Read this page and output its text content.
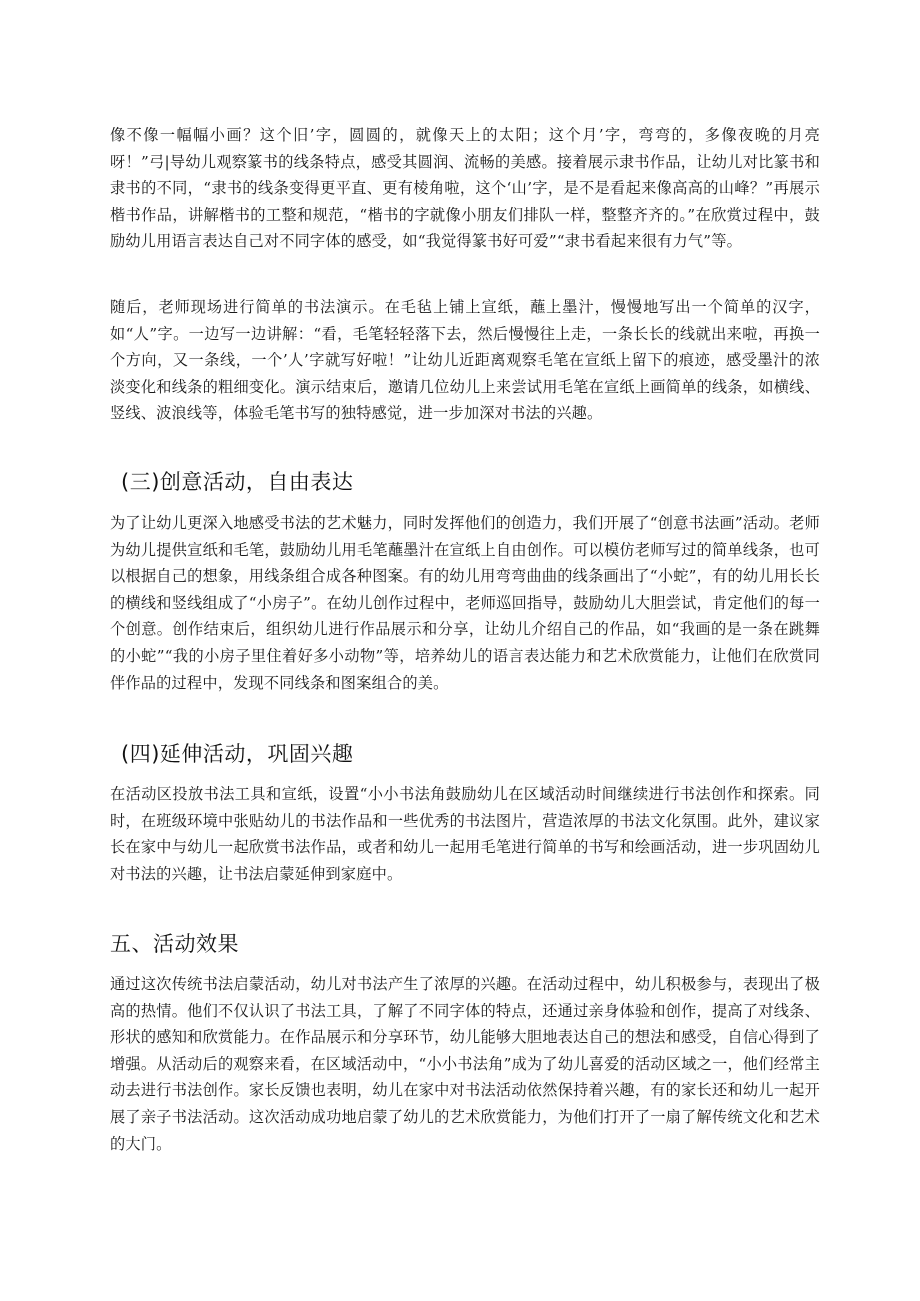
像不像一幅幅小画？这个旧’字，圆圆的，就像天上的太阳；这个月’字，弯弯的，多像夜晚的月亮呀！”弓|导幼儿观察篆书的线条特点，感受其圆润、流畅的美感。接着展示隶书作品，让幼儿对比篆书和隶书的不同，“隶书的线条变得更平直、更有棱角啦，这个‘山’字，是不是看起来像高高的山峰？”再展示楷书作品，讲解楷书的工整和规范，“楷书的字就像小朋友们排队一样，整整齐齐的。”在欣赏过程中，鼓励幼儿用语言表达自己对不同字体的感受，如“我觉得篆书好可爱”“隶书看起来很有力气”等。

随后，老师现场进行简单的书法演示。在毛毡上铺上宣纸，蘸上墨汁，慢慢地写出一个简单的汉字，如“人”字。一边写一边讲解：“看，毛笔轻轻落下去，然后慢慢往上走，一条长长的线就出来啦，再换一个方向，又一条线，一个’人’字就写好啦！”让幼儿近距离观察毛笔在宣纸上留下的痕迹，感受墨汁的浓淡变化和线条的粗细变化。演示结束后，邀请几位幼儿上来尝试用毛笔在宣纸上画简单的线条，如横线、竖线、波浪线等，体验毛笔书写的独特感觉，进一步加深对书法的兴趣。

(三)创意活动，自由表达

为了让幼儿更深入地感受书法的艺术魅力，同时发挥他们的创造力，我们开展了“创意书法画”活动。老师为幼儿提供宣纸和毛笔，鼓励幼儿用毛笔蘸墨汁在宣纸上自由创作。可以模仿老师写过的简单线条，也可以根据自己的想象，用线条组合成各种图案。有的幼儿用弯弯曲曲的线条画出了“小蛇”，有的幼儿用长长的横线和竖线组成了“小房子”。在幼儿创作过程中，老师巡回指导，鼓励幼儿大胆尝试，肯定他们的每一个创意。创作结束后，组织幼儿进行作品展示和分享，让幼儿介绍自己的作品，如“我画的是一条在跳舞的小蛇”“我的小房子里住着好多小动物”等，培养幼儿的语言表达能力和艺术欣赏能力，让他们在欣赏同伴作品的过程中，发现不同线条和图案组合的美。

(四)延伸活动，巩固兴趣

在活动区投放书法工具和宣纸，设置“小小书法角鼓励幼儿在区域活动时间继续进行书法创作和探索。同时，在班级环境中张贴幼儿的书法作品和一些优秀的书法图片，营造浓厚的书法文化氛围。此外，建议家长在家中与幼儿一起欣赏书法作品，或者和幼儿一起用毛笔进行简单的书写和绘画活动，进一步巩固幼儿对书法的兴趣，让书法启蒙延伸到家庭中。

五、活动效果

通过这次传统书法启蒙活动，幼儿对书法产生了浓厚的兴趣。在活动过程中，幼儿积极参与，表现出了极高的热情。他们不仅认识了书法工具，了解了不同字体的特点，还通过亲身体验和创作，提高了对线条、形状的感知和欣赏能力。在作品展示和分享环节，幼儿能够大胆地表达自己的想法和感受，自信心得到了增强。从活动后的观察来看，在区域活动中，“小小书法角”成为了幼儿喜爱的活动区域之一，他们经常主动去进行书法创作。家长反馈也表明，幼儿在家中对书法活动依然保持着兴趣，有的家长还和幼儿一起开展了亲子书法活动。这次活动成功地启蒙了幼儿的艺术欣赏能力，为他们打开了一扇了解传统文化和艺术的大门。
